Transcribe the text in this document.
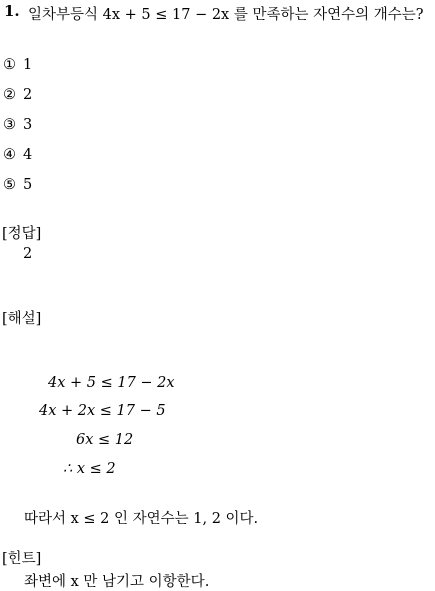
1. 일차부등식 4x + 5 ≤ 17 − 2x 를 만족하는 자연수의 개수는?
① 1
② 2
③ 3
④ 4
⑤ 5
[정답]
2
[해설]
4x + 5 ≤ 17 − 2x
4x + 2x ≤ 17 − 5
6x ≤ 12
∴ x ≤ 2
따라서 x ≤ 2 인 자연수는 1, 2 이다.
[힌트]
좌변에 x 만 남기고 이항한다.
